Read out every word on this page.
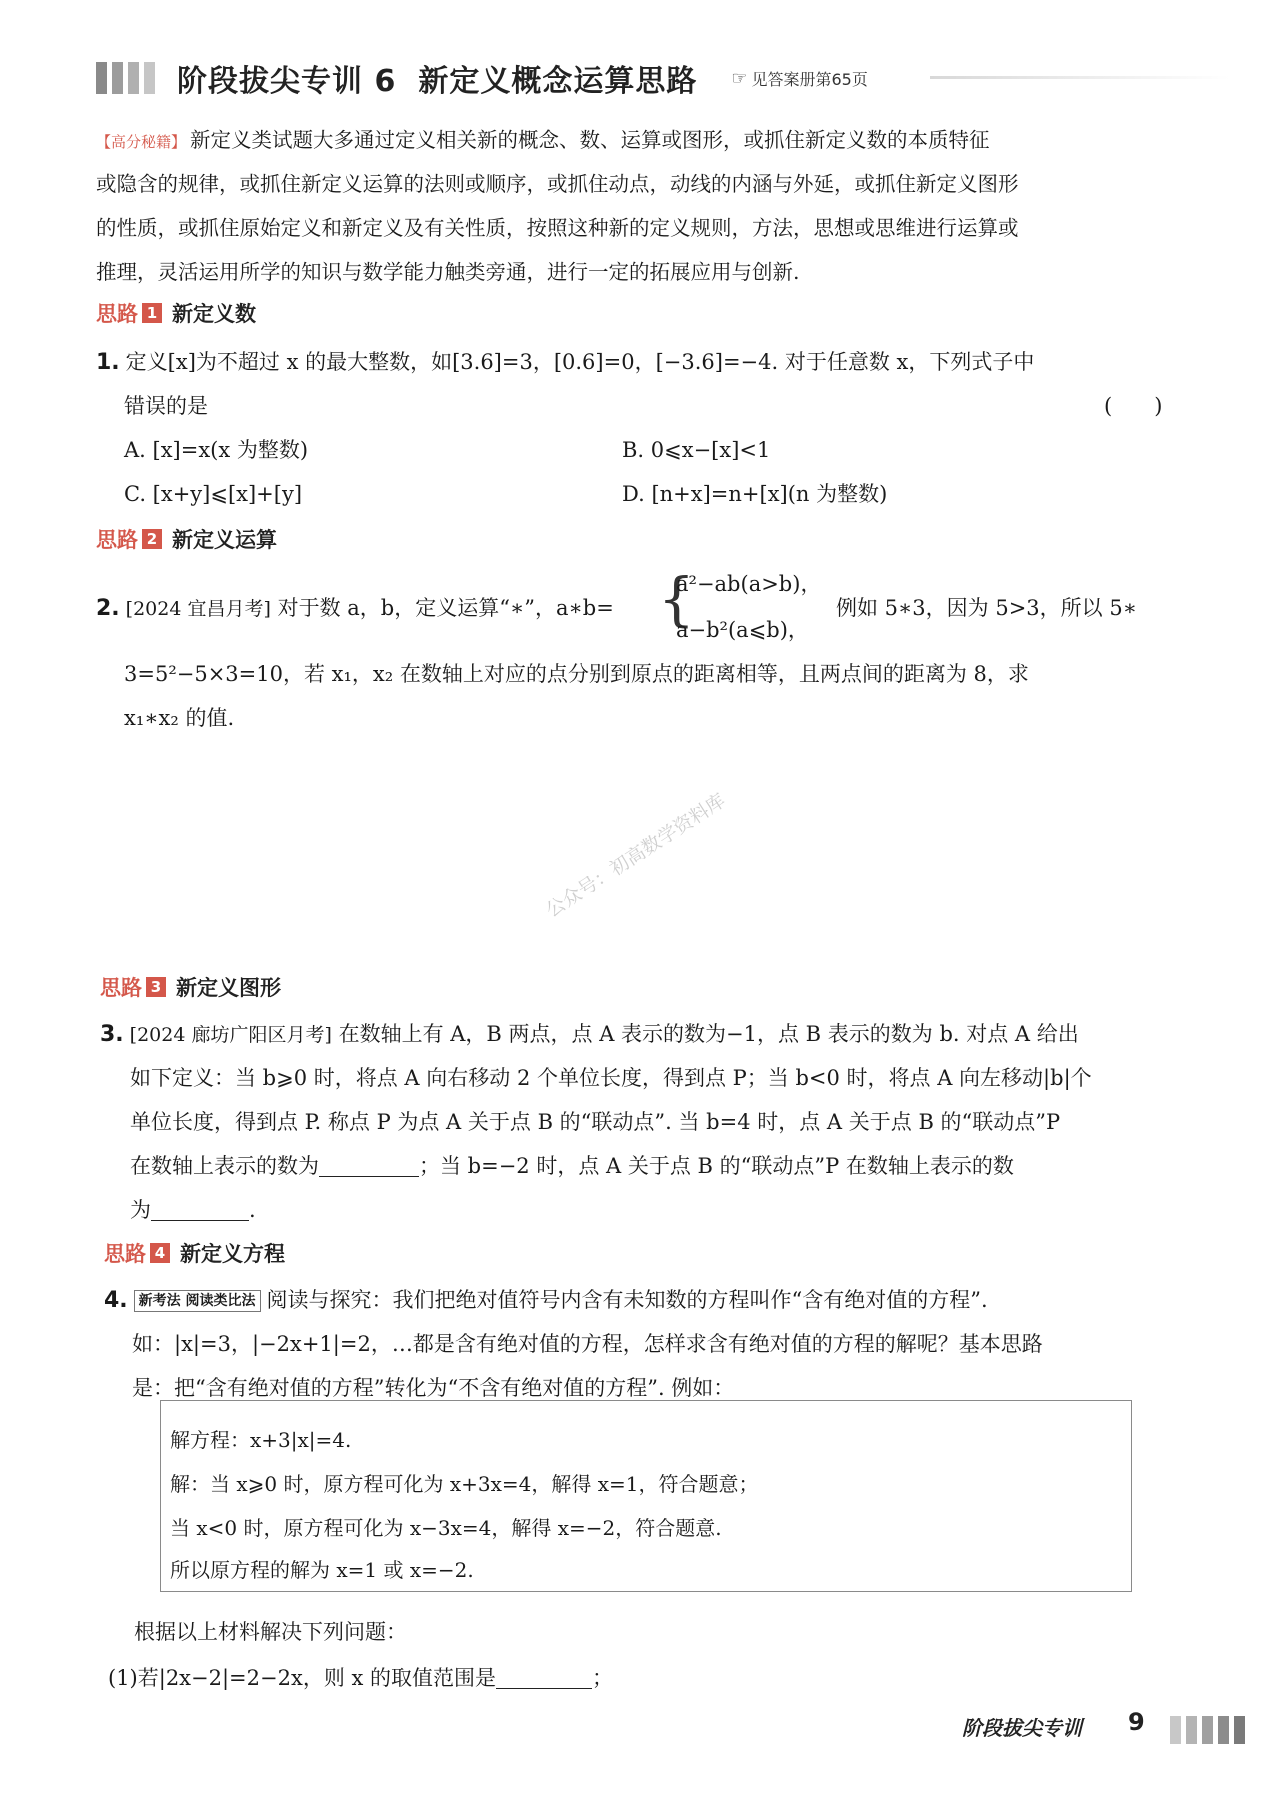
阶段拔尖专训 6 新定义概念运算思路 ☞ 见答案册第65页
【高分秘籍】 新定义类试题大多通过定义相关新的概念、数、运算或图形，或抓住新定义数的本质特征
或隐含的规律，或抓住新定义运算的法则或顺序，或抓住动点，动线的内涵与外延，或抓住新定义图形
的性质，或抓住原始定义和新定义及有关性质，按照这种新的定义规则，方法，思想或思维进行运算或
推理，灵活运用所学的知识与数学能力触类旁通，进行一定的拓展应用与创新.
思路 1 新定义数
1. 定义[x]为不超过 x 的最大整数，如[3.6]=3，[0.6]=0，[−3.6]=−4. 对于任意数 x，下列式子中
错误的是	(　　)
A. [x]=x(x 为整数)	B. 0⩽x−[x]<1
C. [x+y]⩽[x]+[y]	D. [n+x]=n+[x](n 为整数)
思路 2 新定义运算
2. [2024 宜昌月考] 对于数 a，b，定义运算“∗”，a∗b= {
a²−ab(a>b)，
a−b²(a⩽b)，
例如 5∗3，因为 5>3，所以 5∗
3=5²−5×3=10，若 x₁，x₂ 在数轴上对应的点分别到原点的距离相等，且两点间的距离为 8，求
x₁∗x₂ 的值.
公众号：初高数学资料库
思路 3 新定义图形
3. [2024 廊坊广阳区月考] 在数轴上有 A，B 两点，点 A 表示的数为−1，点 B 表示的数为 b. 对点 A 给出
如下定义：当 b⩾0 时，将点 A 向右移动 2 个单位长度，得到点 P；当 b<0 时，将点 A 向左移动|b|个
单位长度，得到点 P. 称点 P 为点 A 关于点 B 的“联动点”. 当 b=4 时，点 A 关于点 B 的“联动点”P
在数轴上表示的数为	；当 b=−2 时，点 A 关于点 B 的“联动点”P 在数轴上表示的数
为	.
思路 4 新定义方程
4. 新考法 阅读类比法 阅读与探究：我们把绝对值符号内含有未知数的方程叫作“含有绝对值的方程”.
如：|x|=3，|−2x+1|=2，…都是含有绝对值的方程，怎样求含有绝对值的方程的解呢？基本思路
是：把“含有绝对值的方程”转化为“不含有绝对值的方程”. 例如：
解方程：x+3|x|=4.
解：当 x⩾0 时，原方程可化为 x+3x=4，解得 x=1，符合题意；
当 x<0 时，原方程可化为 x−3x=4，解得 x=−2，符合题意.
所以原方程的解为 x=1 或 x=−2.
根据以上材料解决下列问题：
(1)若|2x−2|=2−2x，则 x 的取值范围是	；
阶段拔尖专训 9
